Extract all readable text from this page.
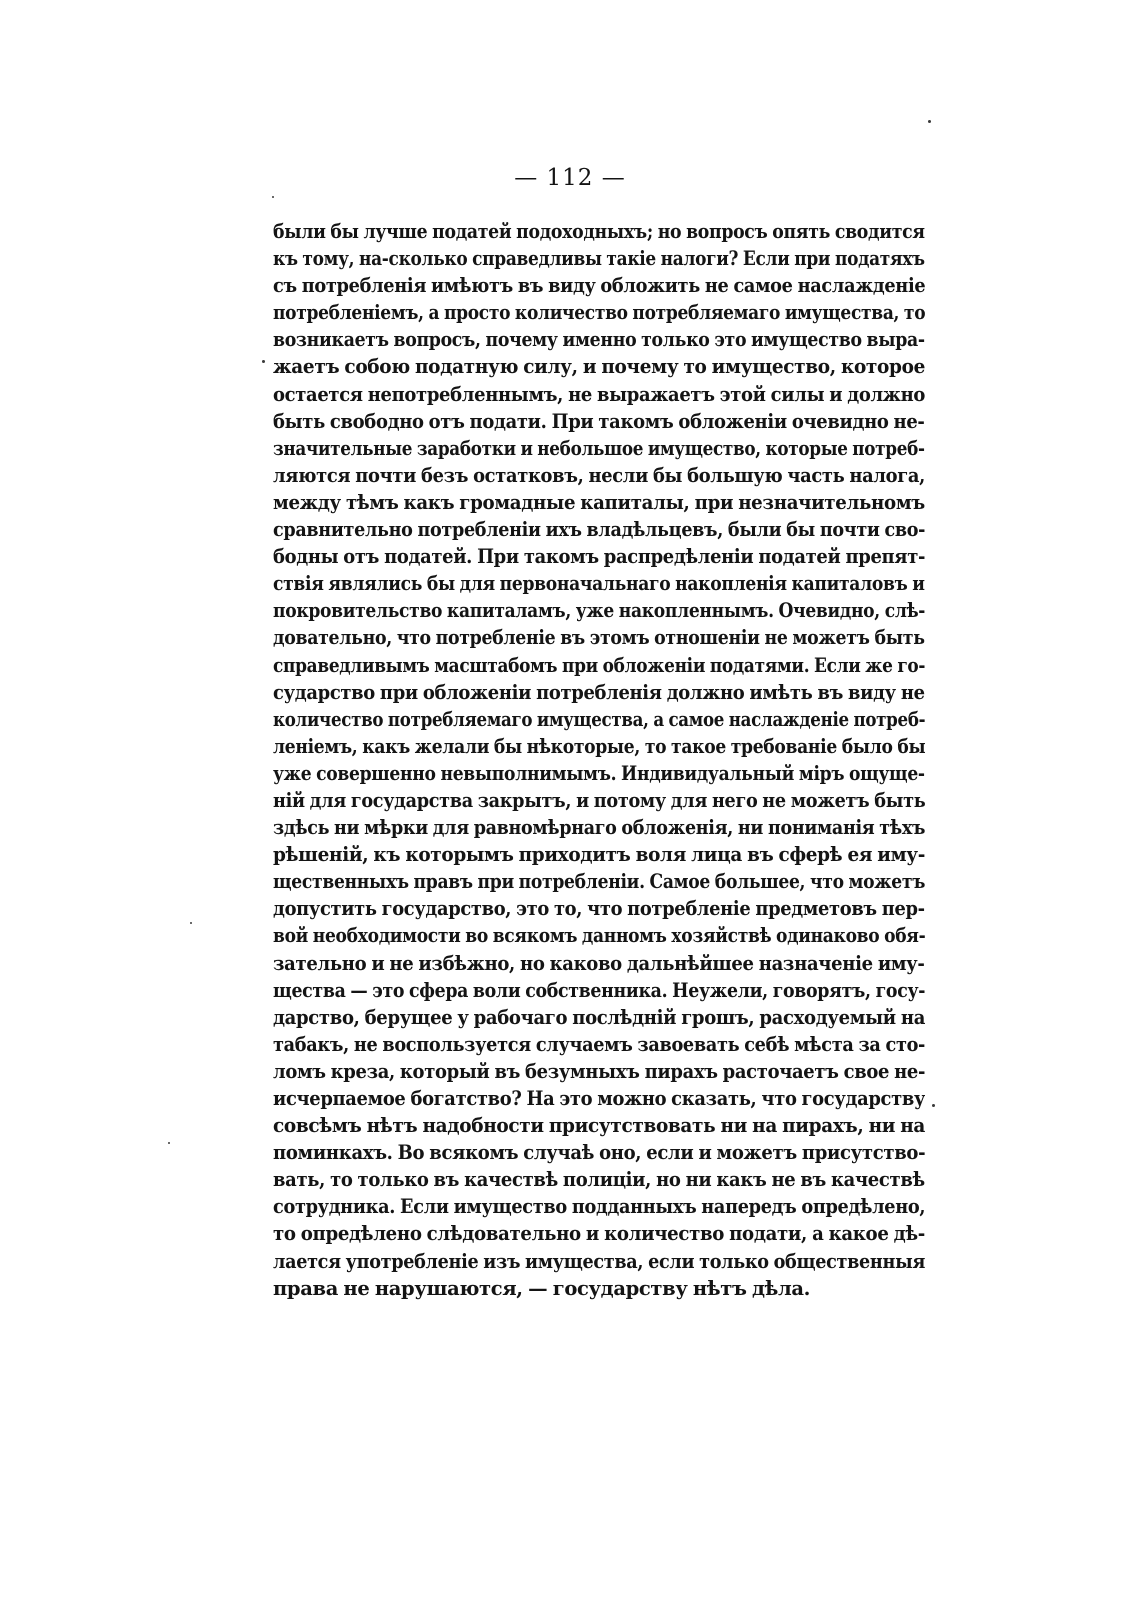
— 112 —
были бы лучше податей подоходныхъ; но вопросъ опять сводится
къ тому, на-сколько справедливы такіе налоги? Если при податяхъ
съ потребленія имѣютъ въ виду обложить не самое наслажденіе
потребленіемъ, а просто количество потребляемаго имущества, то
возникаетъ вопросъ, почему именно только это имущество выра-
жаетъ собою податную силу, и почему то имущество, которое
остается непотребленнымъ, не выражаетъ этой силы и должно
быть свободно отъ подати. При такомъ обложеніи очевидно не-
значительные заработки и небольшое имущество, которые потреб-
ляются почти безъ остатковъ, несли бы большую часть налога,
между тѣмъ какъ громадные капиталы, при незначительномъ
сравнительно потребленіи ихъ владѣльцевъ, были бы почти сво-
бодны отъ податей. При такомъ распредѣленіи податей препят-
ствія являлись бы для первоначальнаго накопленія капиталовъ и
покровительство капиталамъ, уже накопленнымъ. Очевидно, слѣ-
довательно, что потребленіе въ этомъ отношеніи не можетъ быть
справедливымъ масштабомъ при обложеніи податями. Если же го-
сударство при обложеніи потребленія должно имѣть въ виду не
количество потребляемаго имущества, а самое наслажденіе потреб-
леніемъ, какъ желали бы нѣкоторые, то такое требованіе было бы
уже совершенно невыполнимымъ. Индивидуальный міръ ощуще-
ній для государства закрытъ, и потому для него не можетъ быть
здѣсь ни мѣрки для равномѣрнаго обложенія, ни пониманія тѣхъ
рѣшеній, къ которымъ приходитъ воля лица въ сферѣ ея иму-
щественныхъ правъ при потребленіи. Самое большее, что можетъ
допустить государство, это то, что потребленіе предметовъ пер-
вой необходимости во всякомъ данномъ хозяйствѣ одинаково обя-
зательно и не избѣжно, но каково дальнѣйшее назначеніе иму-
щества — это сфера воли собственника. Неужели, говорятъ, госу-
дарство, берущее у рабочаго послѣдній грошъ, расходуемый на
табакъ, не воспользуется случаемъ завоевать себѣ мѣста за сто-
ломъ креза, который въ безумныхъ пирахъ расточаетъ свое не-
исчерпаемое богатство? На это можно сказать, что государству
совсѣмъ нѣтъ надобности присутствовать ни на пирахъ, ни на
поминкахъ. Во всякомъ случаѣ оно, если и можетъ присутство-
вать, то только въ качествѣ полиціи, но ни какъ не въ качествѣ
сотрудника. Если имущество подданныхъ напередъ опредѣлено,
то опредѣлено слѣдовательно и количество подати, а какое дѣ-
лается употребленіе изъ имущества, если только общественныя
права не нарушаются, — государству нѣтъ дѣла.
